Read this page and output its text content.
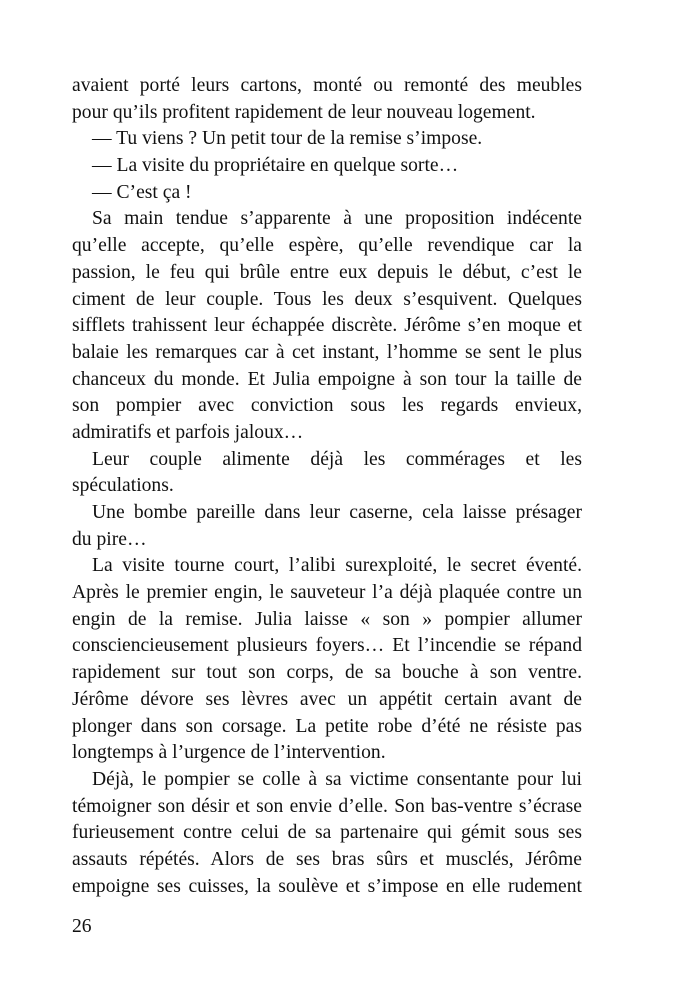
avaient porté leurs cartons, monté ou remonté des meubles
pour qu’ils profitent rapidement de leur nouveau logement.
— Tu viens ? Un petit tour de la remise s’impose.
— La visite du propriétaire en quelque sorte…
— C’est ça !
Sa main tendue s’apparente à une proposition indécente
qu’elle accepte, qu’elle espère, qu’elle revendique car la
passion, le feu qui brûle entre eux depuis le début, c’est le
ciment de leur couple. Tous les deux s’esquivent. Quelques
sifflets trahissent leur échappée discrète. Jérôme s’en moque et
balaie les remarques car à cet instant, l’homme se sent le plus
chanceux du monde. Et Julia empoigne à son tour la taille de
son pompier avec conviction sous les regards envieux,
admiratifs et parfois jaloux…
Leur couple alimente déjà les commérages et les
spéculations.
Une bombe pareille dans leur caserne, cela laisse présager
du pire…
La visite tourne court, l’alibi surexploité, le secret éventé.
Après le premier engin, le sauveteur l’a déjà plaquée contre un
engin de la remise. Julia laisse « son » pompier allumer
consciencieusement plusieurs foyers… Et l’incendie se répand
rapidement sur tout son corps, de sa bouche à son ventre.
Jérôme dévore ses lèvres avec un appétit certain avant de
plonger dans son corsage. La petite robe d’été ne résiste pas
longtemps à l’urgence de l’intervention.
Déjà, le pompier se colle à sa victime consentante pour lui
témoigner son désir et son envie d’elle. Son bas-ventre s’écrase
furieusement contre celui de sa partenaire qui gémit sous ses
assauts répétés. Alors de ses bras sûrs et musclés, Jérôme
empoigne ses cuisses, la soulève et s’impose en elle rudement
26
